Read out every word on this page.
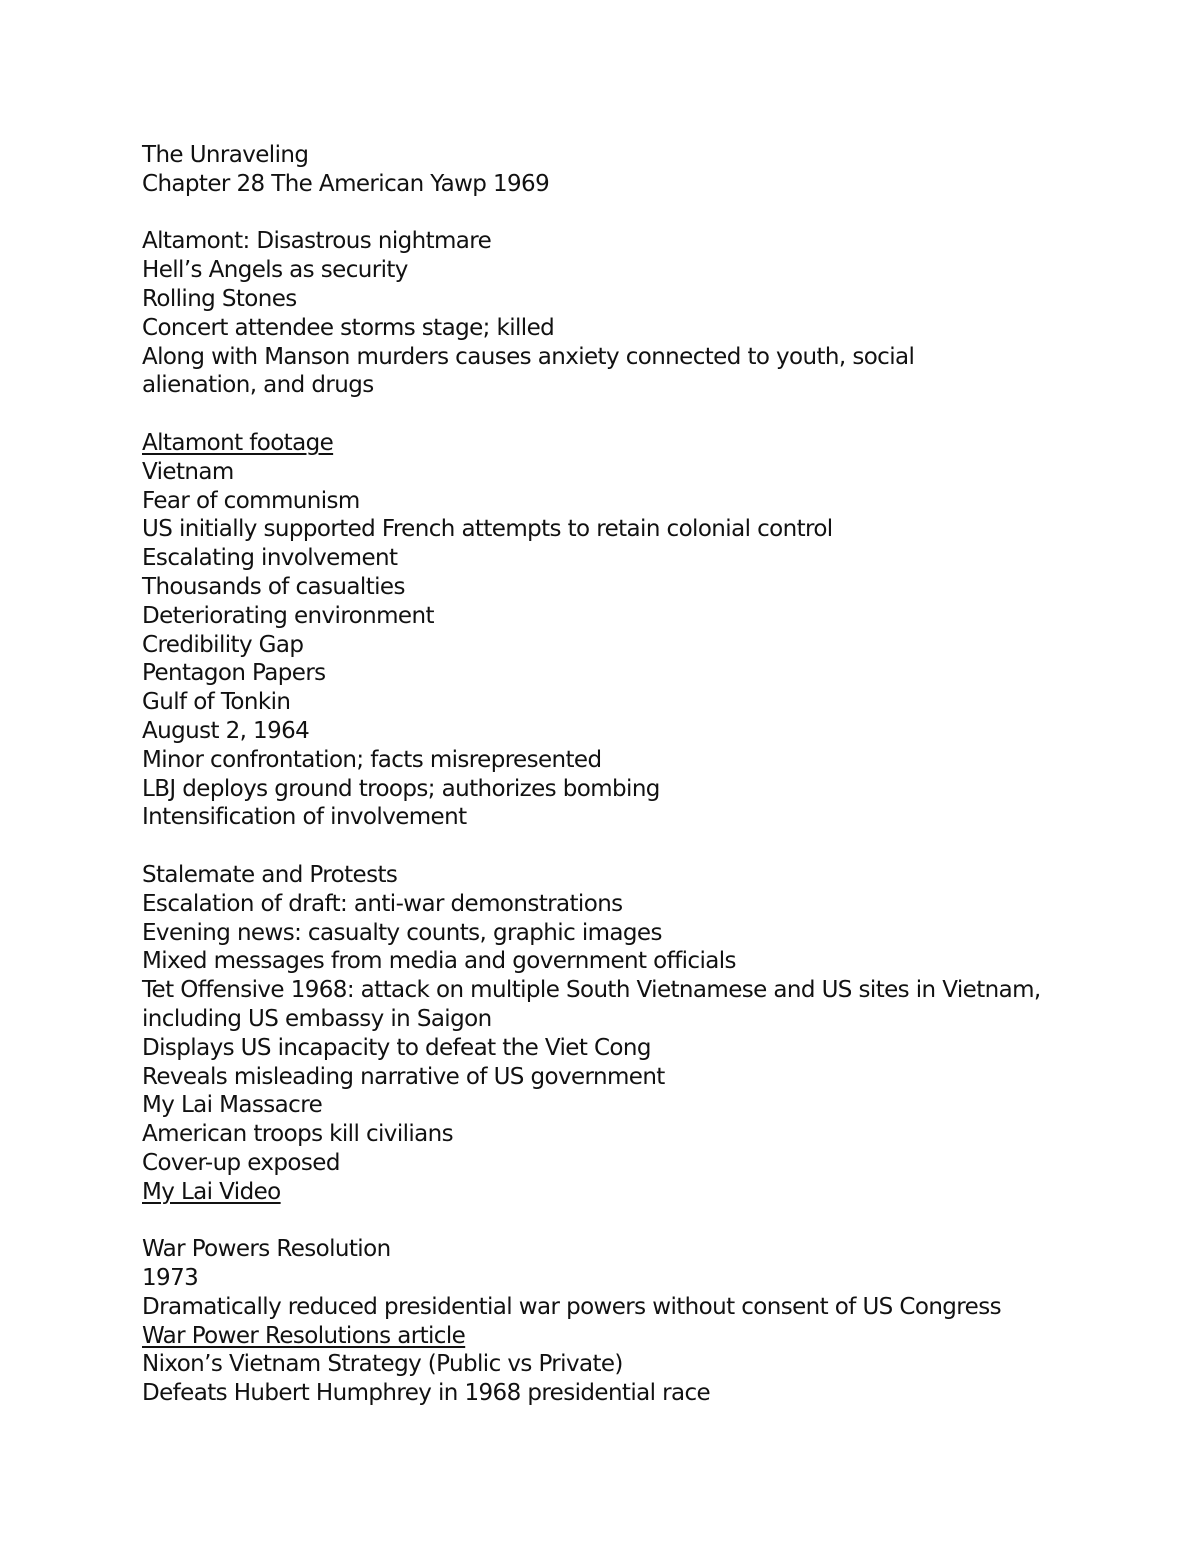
The Unraveling
Chapter 28 The American Yawp 1969
Altamont: Disastrous nightmare
Hell’s Angels as security
Rolling Stones
Concert attendee storms stage; killed
Along with Manson murders causes anxiety connected to youth, social
alienation, and drugs
Altamont footage
Vietnam
Fear of communism
US initially supported French attempts to retain colonial control
Escalating involvement
Thousands of casualties
Deteriorating environment
Credibility Gap
Pentagon Papers
Gulf of Tonkin
August 2, 1964
Minor confrontation; facts misrepresented
LBJ deploys ground troops; authorizes bombing
Intensification of involvement
Stalemate and Protests
Escalation of draft: anti-war demonstrations
Evening news: casualty counts, graphic images
Mixed messages from media and government officials
Tet Offensive 1968: attack on multiple South Vietnamese and US sites in Vietnam,
including US embassy in Saigon
Displays US incapacity to defeat the Viet Cong
Reveals misleading narrative of US government
My Lai Massacre
American troops kill civilians
Cover-up exposed
My Lai Video
War Powers Resolution
1973
Dramatically reduced presidential war powers without consent of US Congress
War Power Resolutions article
Nixon’s Vietnam Strategy (Public vs Private)
Defeats Hubert Humphrey in 1968 presidential race
